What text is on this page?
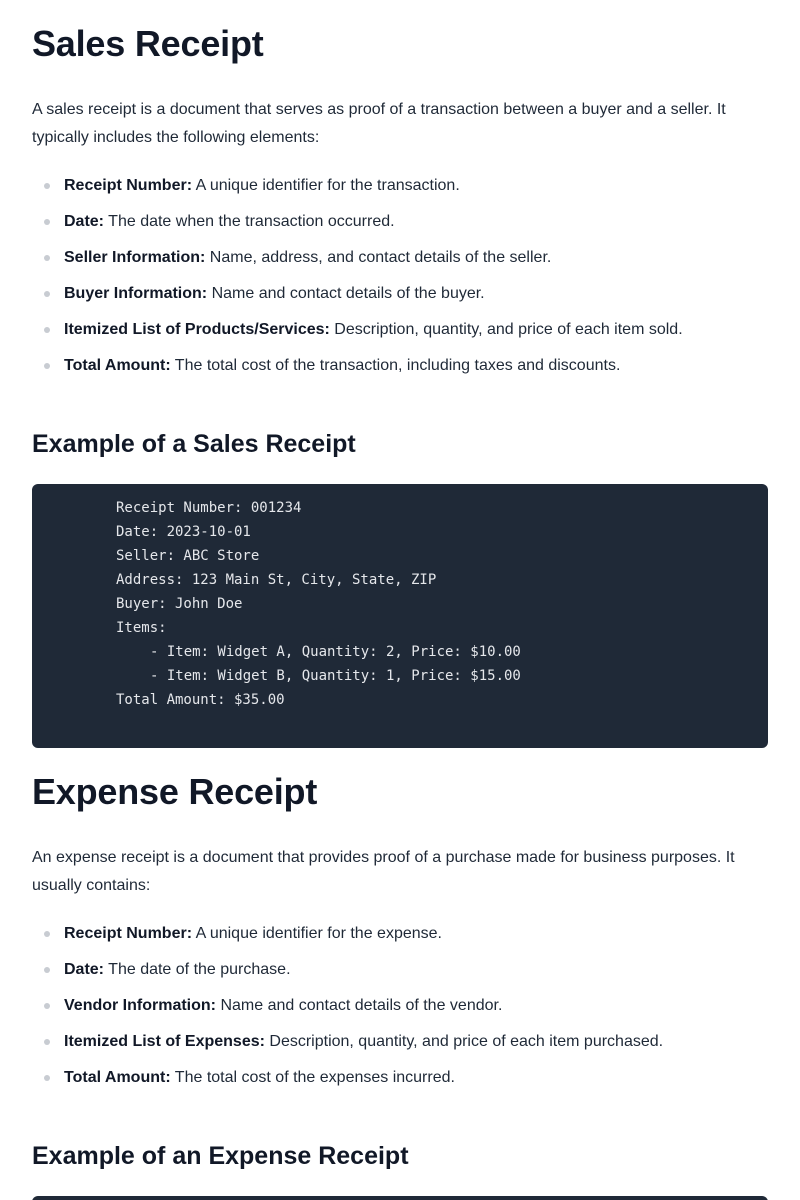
Sales Receipt

A sales receipt is a document that serves as proof of a transaction between a buyer and a seller. It typically includes the following elements:

Receipt Number: A unique identifier for the transaction.
Date: The date when the transaction occurred.
Seller Information: Name, address, and contact details of the seller.
Buyer Information: Name and contact details of the buyer.
Itemized List of Products/Services: Description, quantity, and price of each item sold.
Total Amount: The total cost of the transaction, including taxes and discounts.
Example of a Sales Receipt
Receipt Number: 001234
Date: 2023-10-01
Seller: ABC Store
Address: 123 Main St, City, State, ZIP
Buyer: John Doe
Items:
- Item: Widget A, Quantity: 2, Price: $10.00
- Item: Widget B, Quantity: 1, Price: $15.00
Total Amount: $35.00
Expense Receipt

An expense receipt is a document that provides proof of a purchase made for business purposes. It usually contains:

Receipt Number: A unique identifier for the expense.
Date: The date of the purchase.
Vendor Information: Name and contact details of the vendor.
Itemized List of Expenses: Description, quantity, and price of each item purchased.
Total Amount: The total cost of the expenses incurred.
Example of an Expense Receipt
